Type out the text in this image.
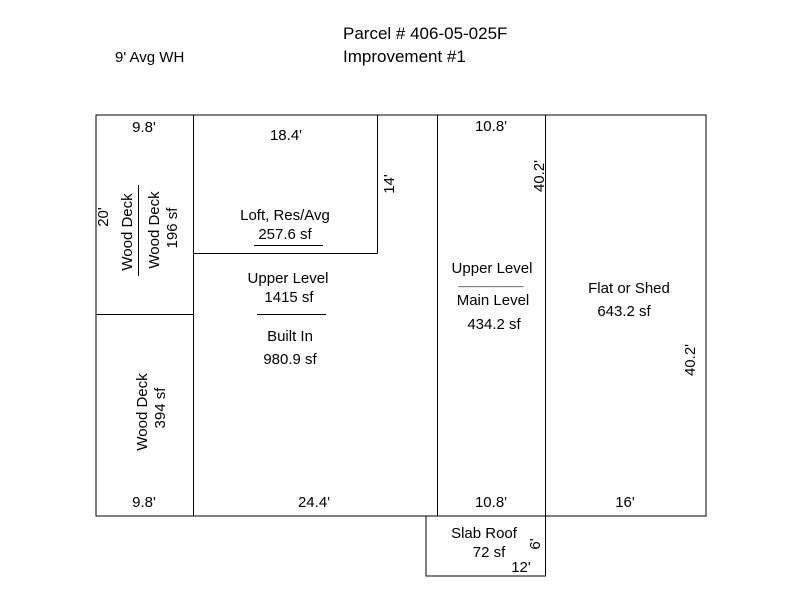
Parcel # 406-05-025F
Improvement #1
9' Avg WH
9.8'
20' Wood Deck Wood Deck 196 sf
Wood Deck 394 sf
9.8'
18.4'
14'
Loft, Res/Avg
257.6 sf
Upper Level
1415 sf
Built In
980.9 sf
24.4'
10.8'
40.2'
Upper Level
_____________
Main Level
434.2 sf
10.8'
Flat or Shed
643.2 sf
40.2'
16'
Slab Roof
72 sf 6'
12'
